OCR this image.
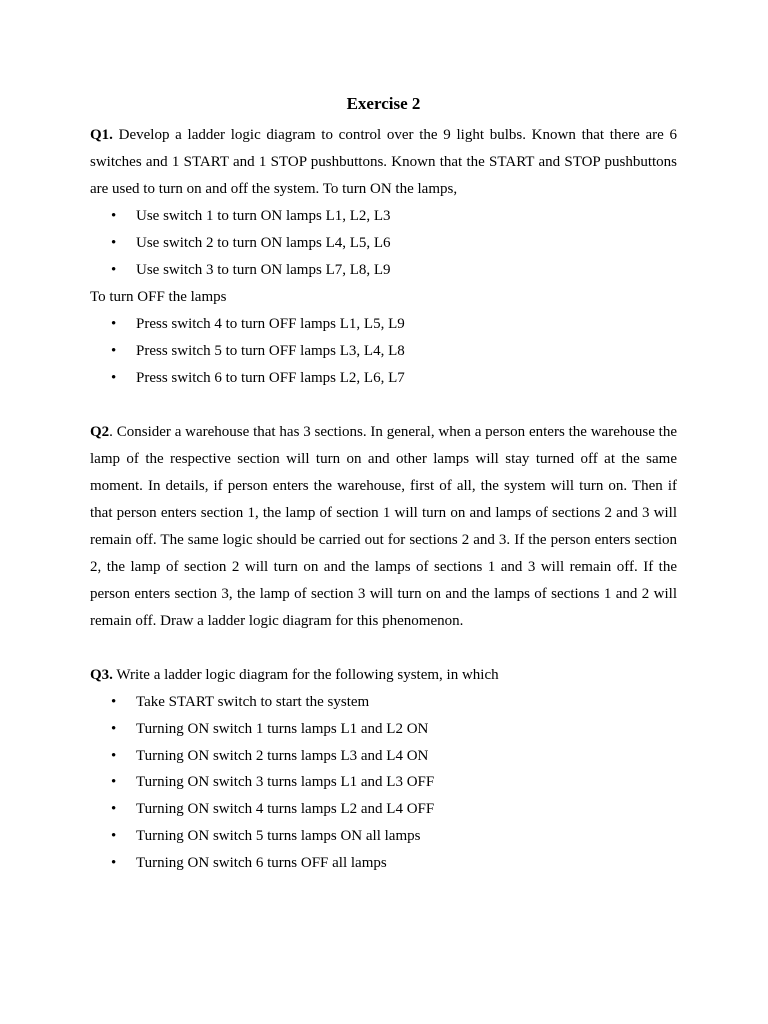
Exercise 2

Q1. Develop a ladder logic diagram to control over the 9 light bulbs. Known that there are 6 switches and 1 START and 1 STOP pushbuttons. Known that the START and STOP pushbuttons are used to turn on and off the system. To turn ON the lamps,

• Use switch 1 to turn ON lamps L1, L2, L3
• Use switch 2 to turn ON lamps L4, L5, L6
• Use switch 3 to turn ON lamps L7, L8, L9

To turn OFF the lamps

• Press switch 4 to turn OFF lamps L1, L5, L9
• Press switch 5 to turn OFF lamps L3, L4, L8
• Press switch 6 to turn OFF lamps L2, L6, L7

Q2. Consider a warehouse that has 3 sections. In general, when a person enters the warehouse the lamp of the respective section will turn on and other lamps will stay turned off at the same moment. In details, if person enters the warehouse, first of all, the system will turn on. Then if that person enters section 1, the lamp of section 1 will turn on and lamps of sections 2 and 3 will remain off. The same logic should be carried out for sections 2 and 3. If the person enters section 2, the lamp of section 2 will turn on and the lamps of sections 1 and 3 will remain off. If the person enters section 3, the lamp of section 3 will turn on and the lamps of sections 1 and 2 will remain off. Draw a ladder logic diagram for this phenomenon.

Q3. Write a ladder logic diagram for the following system, in which

• Take START switch to start the system
• Turning ON switch 1 turns lamps L1 and L2 ON
• Turning ON switch 2 turns lamps L3 and L4 ON
• Turning ON switch 3 turns lamps L1 and L3 OFF
• Turning ON switch 4 turns lamps L2 and L4 OFF
• Turning ON switch 5 turns lamps ON all lamps
• Turning ON switch 6 turns OFF all lamps
